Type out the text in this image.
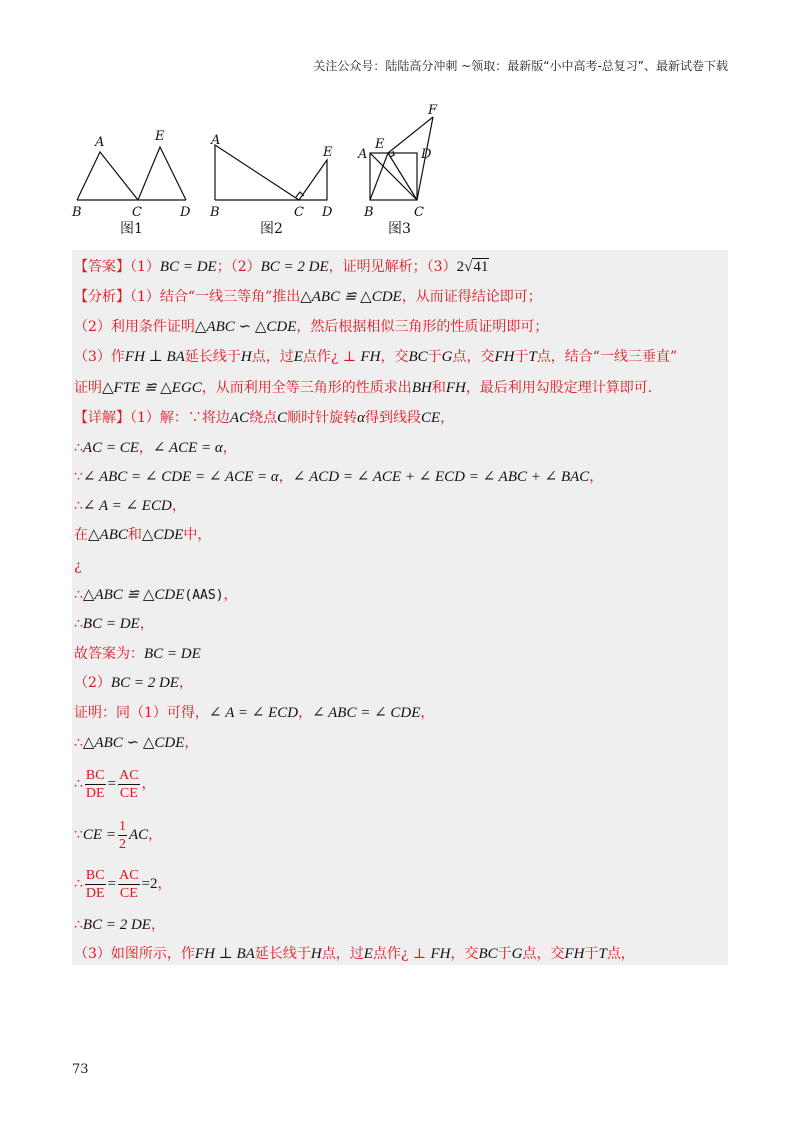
关注公众号：陆陆高分冲刺 ~领取：最新版“小中高考-总复习”、最新试卷下载
A
B	C	D
E
图1
A
B	C D
E
图2
A
B	C
D
E
F
图3
【答案】（1）BC = DE；（2）BC = 2 DE，证明见解析；（3）2√41
【分析】（1）结合“一线三等角”推出△ABC ≌ △CDE，从而证得结论即可；
（2）利用条件证明△ABC ∽ △CDE，然后根据相似三角形的性质证明即可；
（3）作FH ⊥ BA延长线于H点，过E点作¿ ⊥ FH，交BC于G点，交FH于T点，结合“一线三垂直”
证明△FTE ≌ △EGC，从而利用全等三角形的性质求出BH和FH，最后利用勾股定理计算即可.
【详解】（1）解：∵将边AC绕点C顺时针旋转α得到线段CE，
∴AC = CE，∠ ACE = α，
∵∠ ABC = ∠ CDE = ∠ ACE = α，∠ ACD = ∠ ACE + ∠ ECD = ∠ ABC + ∠ BAC，
∴∠ A = ∠ ECD，
在△ABC和△CDE中，
¿
∴△ABC ≌ △CDE(AAS)，
∴BC = DE，
故答案为：BC = DE
（2）BC = 2 DE，
证明：同（1）可得，∠ A = ∠ ECD，∠ ABC = ∠ CDE，
∴△ABC ∽ △CDE，
∴ $\frac{BC}{DE} = \frac{AC}{CE}$ ，
∵CE = $\frac{1}{2}$ AC，
∴ $\frac{BC}{DE} = \frac{AC}{CE} =2$，
∴BC = 2 DE，
（3）如图所示，作FH ⊥ BA延长线于H点，过E点作¿ ⊥ FH，交BC于G点，交FH于T点，
73
